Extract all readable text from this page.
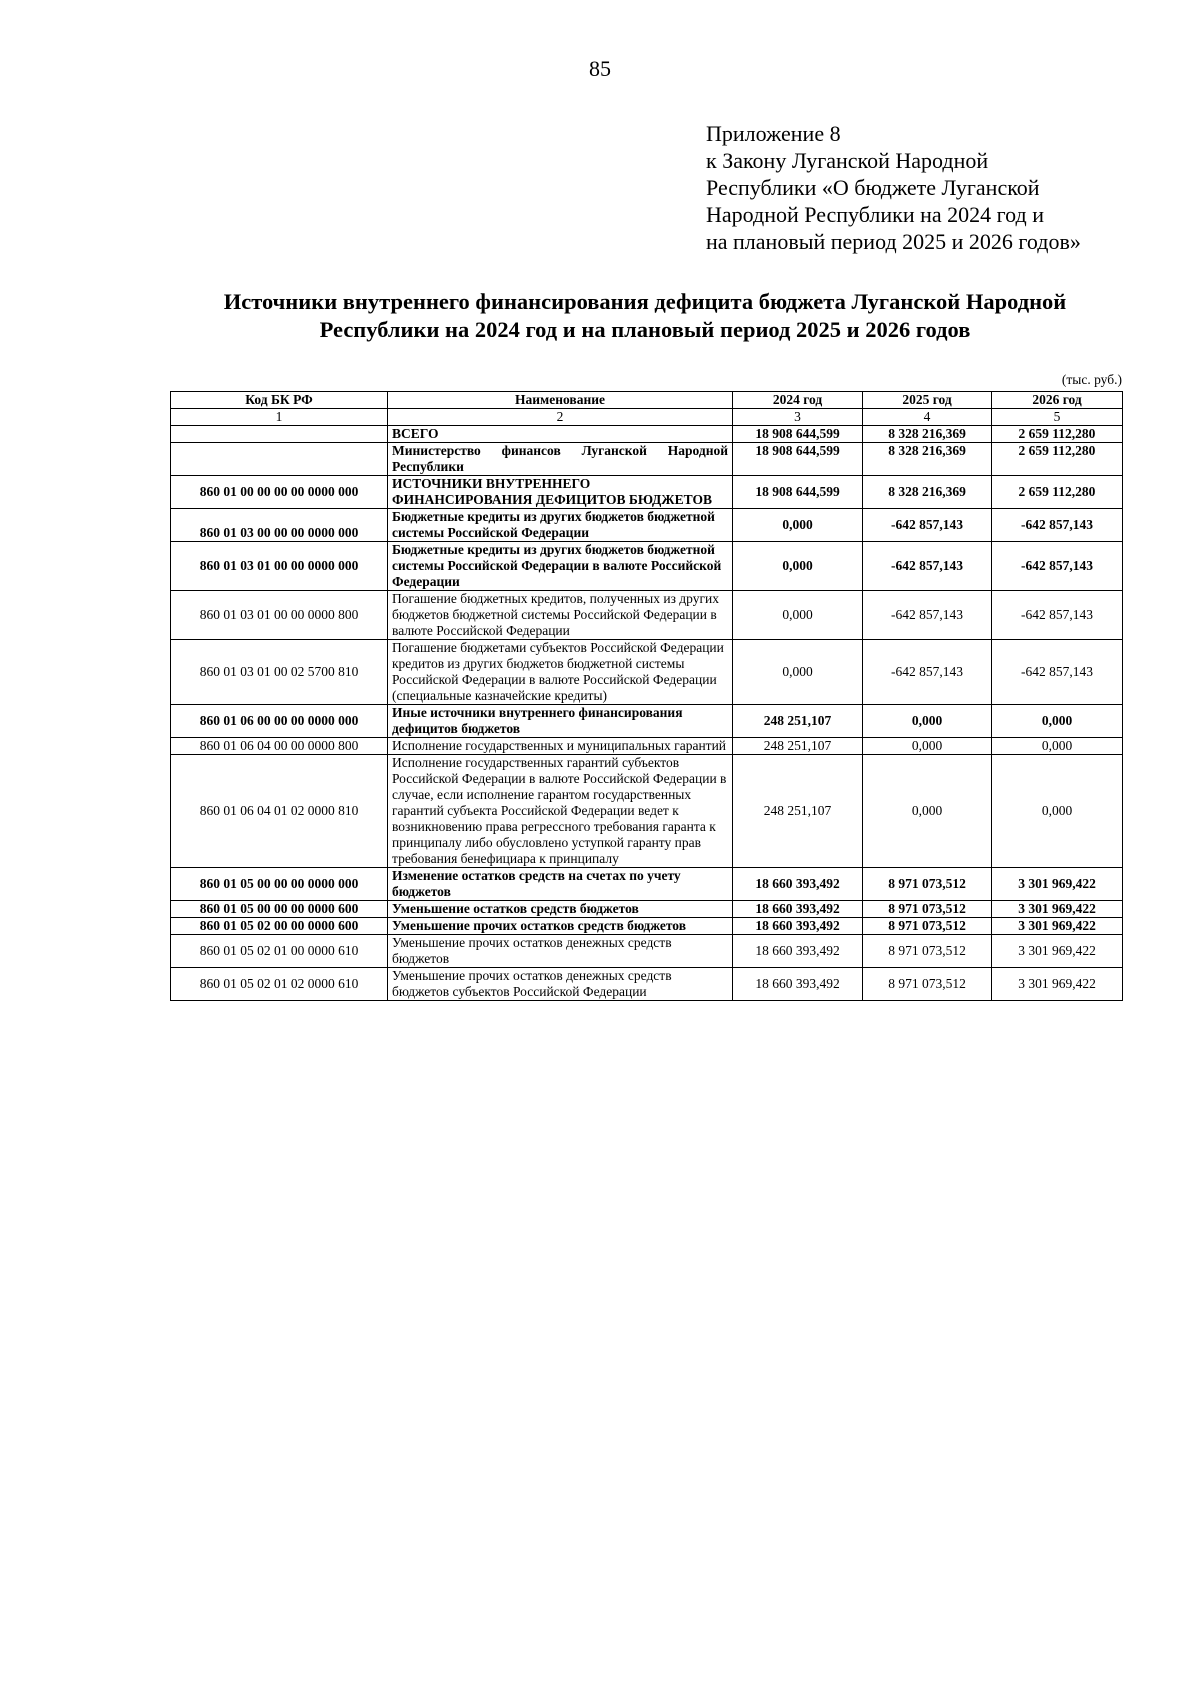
85
Приложение 8
к Закону Луганской Народной
Республики «О бюджете Луганской
Народной Республики на 2024 год и
на плановый период 2025 и 2026 годов»
Источники внутреннего финансирования дефицита бюджета Луганской Народной
Республики на 2024 год и на плановый период 2025 и 2026 годов
(тыс. руб.)
Код БК РФ	Наименование	2024 год	2025 год	2026 год
1	2	3	4	5
	ВСЕГО	18 908 644,599	8 328 216,369	2 659 112,280
	Министерство финансов Луганской Народной Республики	18 908 644,599	8 328 216,369	2 659 112,280
860 01 00 00 00 00 0000 000	ИСТОЧНИКИ ВНУТРЕННЕГО ФИНАНСИРОВАНИЯ ДЕФИЦИТОВ БЮДЖЕТОВ	18 908 644,599	8 328 216,369	2 659 112,280
860 01 03 00 00 00 0000 000	Бюджетные кредиты из других бюджетов бюджетной системы Российской Федерации	0,000	-642 857,143	-642 857,143
860 01 03 01 00 00 0000 000	Бюджетные кредиты из других бюджетов бюджетной системы Российской Федерации в валюте Российской Федерации	0,000	-642 857,143	-642 857,143
860 01 03 01 00 00 0000 800	Погашение бюджетных кредитов, полученных из других бюджетов бюджетной системы Российской Федерации в валюте Российской Федерации	0,000	-642 857,143	-642 857,143
860 01 03 01 00 02 5700 810	Погашение бюджетами субъектов Российской Федерации кредитов из других бюджетов бюджетной системы Российской Федерации в валюте Российской Федерации (специальные казначейские кредиты)	0,000	-642 857,143	-642 857,143
860 01 06 00 00 00 0000 000	Иные источники внутреннего финансирования дефицитов бюджетов	248 251,107	0,000	0,000
860 01 06 04 00 00 0000 800	Исполнение государственных и муниципальных гарантий	248 251,107	0,000	0,000
860 01 06 04 01 02 0000 810	Исполнение государственных гарантий субъектов Российской Федерации в валюте Российской Федерации в случае, если исполнение гарантом государственных гарантий субъекта Российской Федерации ведет к возникновению права регрессного требования гаранта к принципалу либо обусловлено уступкой гаранту прав требования бенефициара к принципалу	248 251,107	0,000	0,000
860 01 05 00 00 00 0000 000	Изменение остатков средств на счетах по учету бюджетов	18 660 393,492	8 971 073,512	3 301 969,422
860 01 05 00 00 00 0000 600	Уменьшение остатков средств бюджетов	18 660 393,492	8 971 073,512	3 301 969,422
860 01 05 02 00 00 0000 600	Уменьшение прочих остатков средств бюджетов	18 660 393,492	8 971 073,512	3 301 969,422
860 01 05 02 01 00 0000 610	Уменьшение прочих остатков денежных средств бюджетов	18 660 393,492	8 971 073,512	3 301 969,422
860 01 05 02 01 02 0000 610	Уменьшение прочих остатков денежных средств бюджетов субъектов Российской Федерации	18 660 393,492	8 971 073,512	3 301 969,422
